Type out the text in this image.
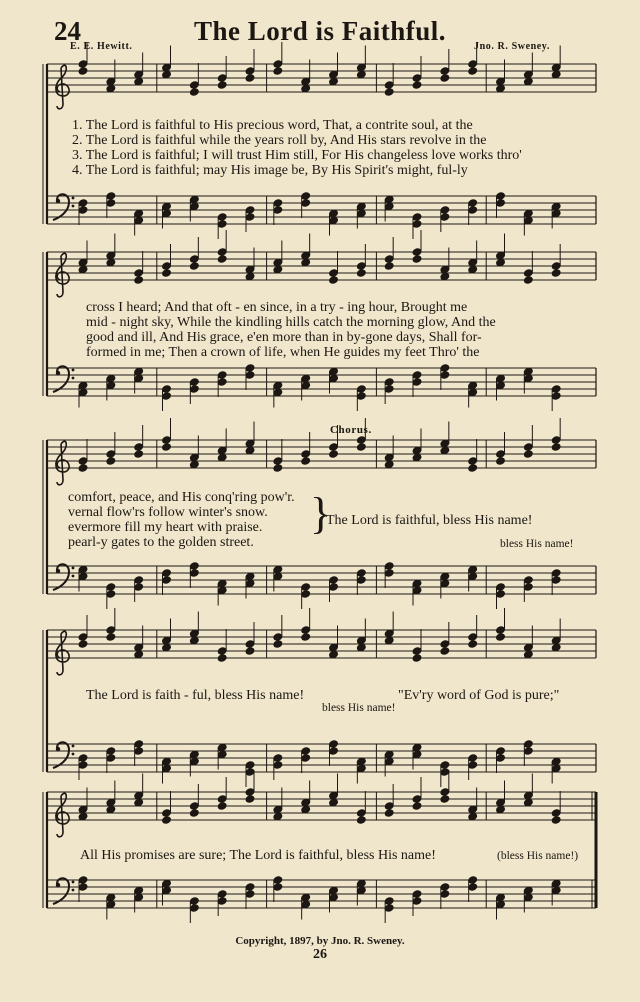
24	The Lord is Faithful.
E. E. Hewitt.	Jno. R. Sweney.
1. The Lord is faithful to His precious word, That, a contrite soul, at the
2. The Lord is faithful while the years roll by, And His stars revolve in the
3. The Lord is faithful; I will trust Him still, For His changeless love works thro'
4. The Lord is faithful; may His image be, By His Spirit's might, ful-ly
cross I heard; And that oft - en since, in a try - ing hour, Brought me
mid - night sky, While the kindling hills catch the morning glow, And the
good and ill, And His grace, e'en more than in by-gone days, Shall for-
formed in me; Then a crown of life, when He guides my feet Thro' the
comfort, peace, and His conq'ring pow'r.
vernal flow'rs follow winter's snow.
evermore fill my heart with praise.
pearl-y gates to the golden street.
}
Chorus.
The Lord is faithful, bless His name!
bless His name!
The Lord is faith - ful, bless His name!	"Ev'ry word of God is pure;"
bless His name!
All His promises are sure; The Lord is faithful, bless His name!	(bless His name!)
Copyright, 1897, by Jno. R. Sweney.
26
